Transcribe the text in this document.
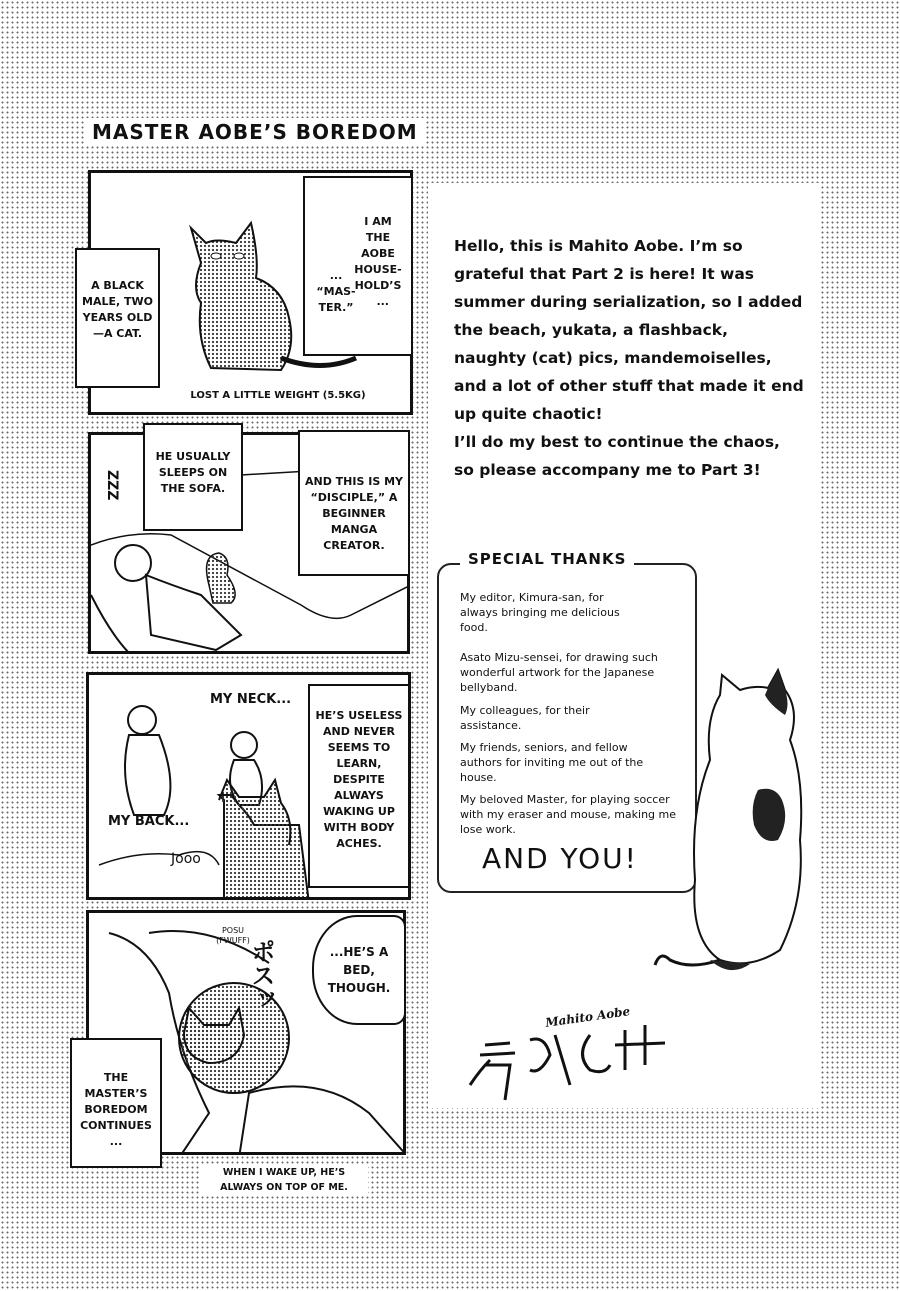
MASTER AOBE’S BOREDOM
LOST A LITTLE WEIGHT (5.5KG)
A BLACK MALE, TWO YEARS OLD—A CAT.
I AM THE AOBE HOUSE-HOLD’S
... “MAS-TER.”	...
ZZZ
HE USUALLY SLEEPS ON THE SOFA.
AND THIS IS MY “DISCIPLE,” A BEGINNER MANGA CREATOR.
Jooo
MY NECK...
MY BACK...
HE’S USELESS AND NEVER SEEMS TO LEARN, DESPITE ALWAYS WAKING UP WITH BODY ACHES.
ポスッ
POSU (FWUFF)
...HE’S A BED, THOUGH.
THE MASTER’S BOREDOM CONTINUES ...
WHEN I WAKE UP, HE’S ALWAYS ON TOP OF ME.

Hello, this is Mahito Aobe. I’m so grateful that Part 2 is here! It was summer during serialization, so I added the beach, yukata, a flashback, naughty (cat) pics, mandemoiselles, and a lot of other stuff that made it end up quite chaotic!

I’ll do my best to continue the chaos, so please accompany me to Part 3!

SPECIAL THANKS
My editor, Kimura-san, for always bringing me delicious food.
Asato Mizu-sensei, for drawing such wonderful artwork for the Japanese bellyband.
My colleagues, for their assistance.
My friends, seniors, and fellow authors for inviting me out of the house.
My beloved Master, for playing soccer with my eraser and mouse, making me lose work.
AND YOU!
Mahito Aobe
